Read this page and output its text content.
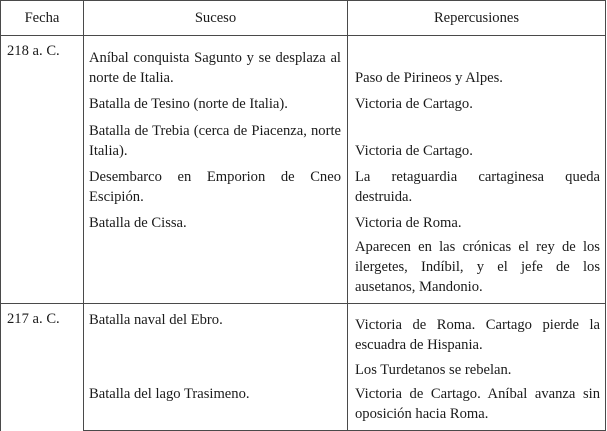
Fecha	Suceso	Repercusiones
218 a. C.	Aníbal conquista Sagunto y se desplaza al norte de Italia.	Paso de Pirineos y Alpes.
	Batalla de Tesino (norte de Italia).	Victoria de Cartago.
	Batalla de Trebia (cerca de Piacenza, norte Italia).	Victoria de Cartago.
	Desembarco en Emporion de Cneo Escipión.	La retaguardia cartaginesa queda destruida.
	Batalla de Cissa.	Victoria de Roma.
		Aparecen en las crónicas el rey de los ilergetes, Indíbil, y el jefe de los ausetanos, Mandonio.
217 a. C.	Batalla naval del Ebro.	Victoria de Roma. Cartago pierde la escuadra de Hispania.
		Los Turdetanos se rebelan.
	Batalla del lago Trasimeno.	Victoria de Cartago. Aníbal avanza sin oposición hacia Roma.
